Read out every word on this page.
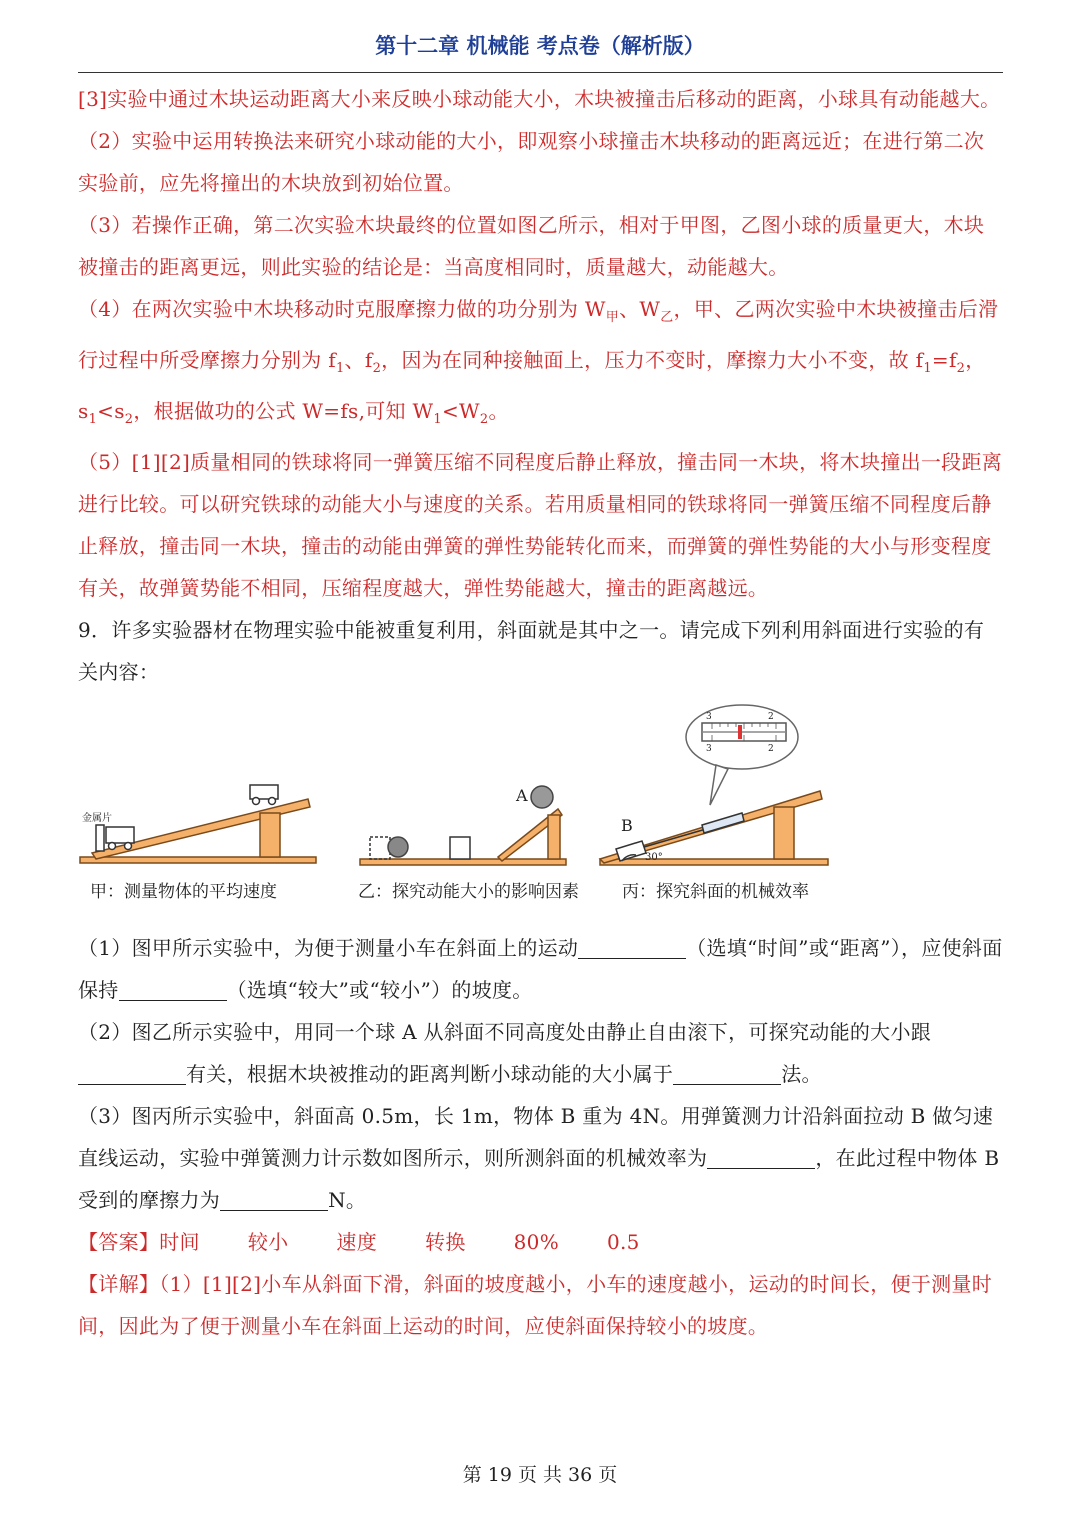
第十二章 机械能 考点卷（解析版）

[3]实验中通过木块运动距离大小来反映小球动能大小，木块被撞击后移动的距离，小球具有动能越大。

（2）实验中运用转换法来研究小球动能的大小，即观察小球撞击木块移动的距离远近；在进行第二次实验前，应先将撞出的木块放到初始位置。

（3）若操作正确，第二次实验木块最终的位置如图乙所示，相对于甲图，乙图小球的质量更大，木块被撞击的距离更远，则此实验的结论是：当高度相同时，质量越大，动能越大。

（4）在两次实验中木块移动时克服摩擦力做的功分别为 $W_甲$、$W_乙$，甲、乙两次实验中木块被撞击后滑行过程中所受摩擦力分别为 $f_1$、$f_2$，因为在同种接触面上，压力不变时，摩擦力大小不变，故 $f_1=f_2$，$s_1<s_2$，根据做功的公式 W=fs,可知 $W_1<W_2$。

（5）[1][2]质量相同的铁球将同一弹簧压缩不同程度后静止释放，撞击同一木块，将木块撞出一段距离进行比较。可以研究铁球的动能大小与速度的关系。若用质量相同的铁球将同一弹簧压缩不同程度后静止释放，撞击同一木块，撞击的动能由弹簧的弹性势能转化而来，而弹簧的弹性势能的大小与形变程度有关，故弹簧势能不相同，压缩程度越大，弹性势能越大，撞击的距离越远。

9．许多实验器材在物理实验中能被重复利用，斜面就是其中之一。请完成下列利用斜面进行实验的有关内容：

金属片
A
B
30°
3	2
3	2
甲：测量物体的平均速度	乙：探究动能大小的影响因素	丙：探究斜面的机械效率

（1）图甲所示实验中，为便于测量小车在斜面上的运动	（选填“时间”或“距离”），应使斜面保持	（选填“较大”或“较小”）的坡度。

（2）图乙所示实验中，用同一个球 A 从斜面不同高度处由静止自由滚下，可探究动能的大小跟有关，根据木块被推动的距离判断小球动能的大小属于	法。

（3）图丙所示实验中，斜面高 0.5m，长 1m，物体 B 重为 4N。用弹簧测力计沿斜面拉动 B 做匀速直线运动，实验中弹簧测力计示数如图所示，则所测斜面的机械效率为	，在此过程中物体 B 受到的摩擦力为	N。

【答案】时间 较小 速度 转换 80% 0.5

【详解】（1）[1][2]小车从斜面下滑，斜面的坡度越小，小车的速度越小，运动的时间长，便于测量时间，因此为了便于测量小车在斜面上运动的时间，应使斜面保持较小的坡度。

第 19 页 共 36 页
